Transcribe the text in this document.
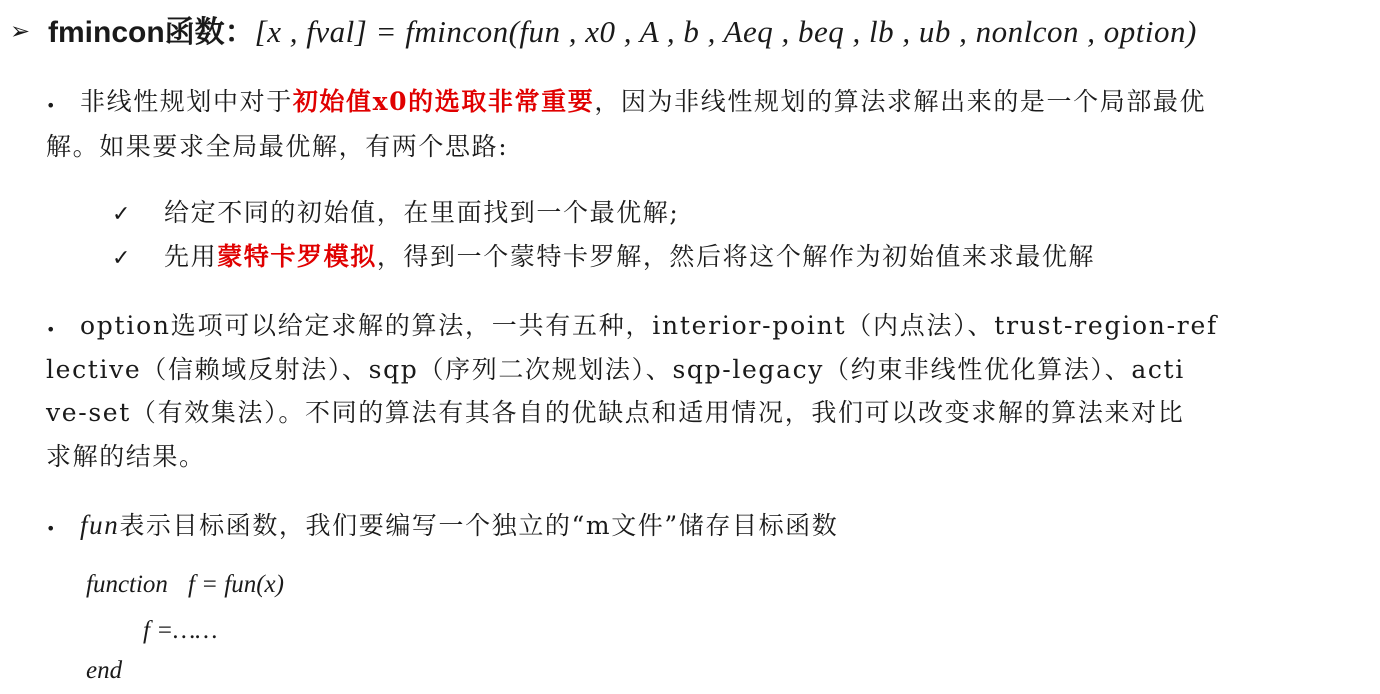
➢ fmincon函数：[x , fval] = fmincon(fun , x0 , A , b , Aeq , beq , lb , ub , nonlcon , option)
• 非线性规划中对于初始值x0的选取非常重要，因为非线性规划的算法求解出来的是一个局部最优
解。如果要求全局最优解，有两个思路:
✓ 给定不同的初始值，在里面找到一个最优解;
✓ 先用蒙特卡罗模拟，得到一个蒙特卡罗解，然后将这个解作为初始值来求最优解
• option选项可以给定求解的算法，一共有五种，interior-point（内点法）、trust-region-ref
lective（信赖域反射法）、sqp（序列二次规划法）、sqp-legacy（约束非线性优化算法）、acti
ve-set（有效集法）。不同的算法有其各自的优缺点和适用情况，我们可以改变求解的算法来对比
求解的结果。
• fun表示目标函数，我们要编写一个独立的“m文件”储存目标函数
function f = fun(x)
f =……
end
